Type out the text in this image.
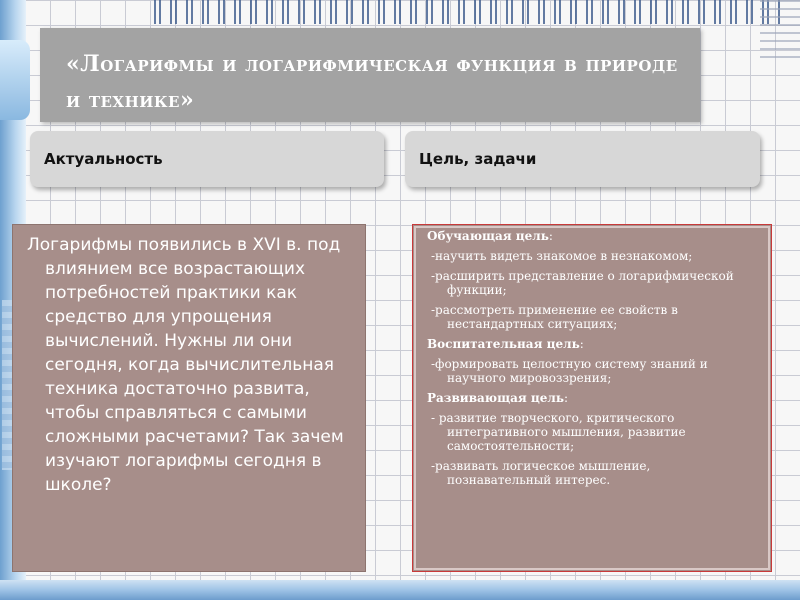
«Логарифмы и логарифмическая функция в природе и технике»
Актуальность	Цель, задачи

Логарифмы появились в XVI в. под влиянием все возрастающих потребностей практики как средство для упрощения вычислений. Нужны ли они сегодня, когда вычислительная техника достаточно развита, чтобы справляться с самыми сложными расчетами? Так зачем изучают логарифмы сегодня в школе?

Обучающая цель:
-научить видеть знакомое в незнакомом;
-расширить представление о логарифмической функции;
-рассмотреть применение ее свойств в нестандартных ситуациях;
Воспитательная цель:
-формировать целостную систему знаний и научного мировоззрения;
Развивающая цель:
- развитие творческого, критического интегративного мышления, развитие самостоятельности;
-развивать логическое мышление, познавательный интерес.
